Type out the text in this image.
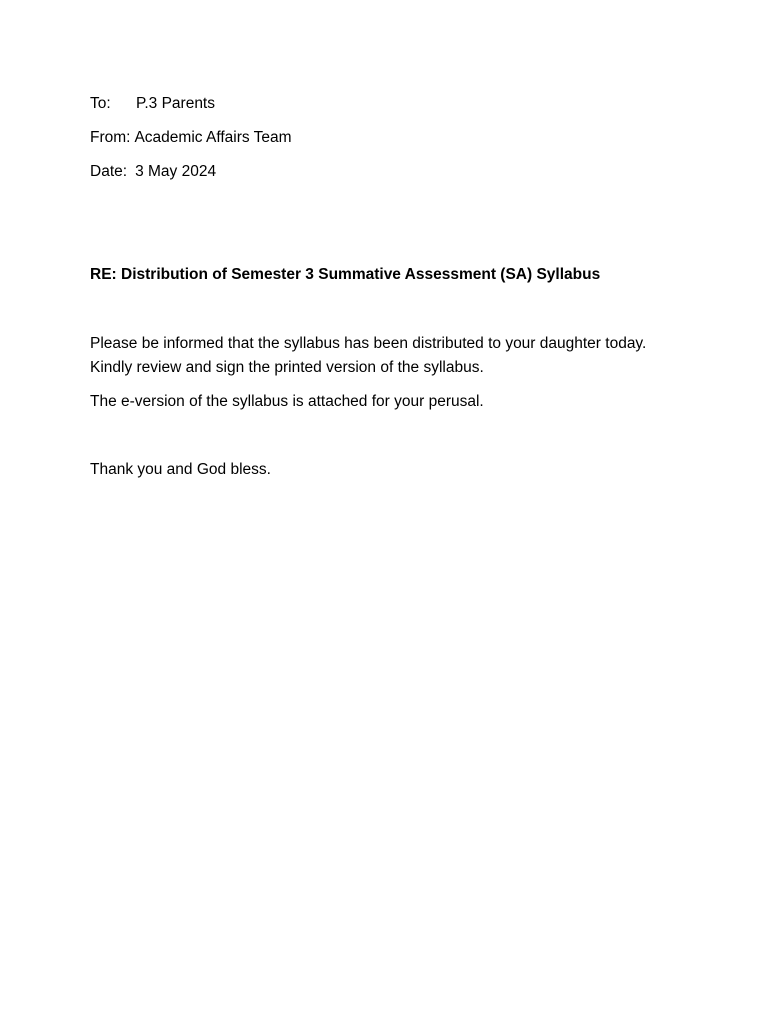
To: P.3 Parents
From: Academic Affairs Team
Date: 3 May 2024
RE: Distribution of Semester 3 Summative Assessment (SA) Syllabus

Please be informed that the syllabus has been distributed to your daughter today.
Kindly review and sign the printed version of the syllabus.

The e-version of the syllabus is attached for your perusal.

Thank you and God bless.
